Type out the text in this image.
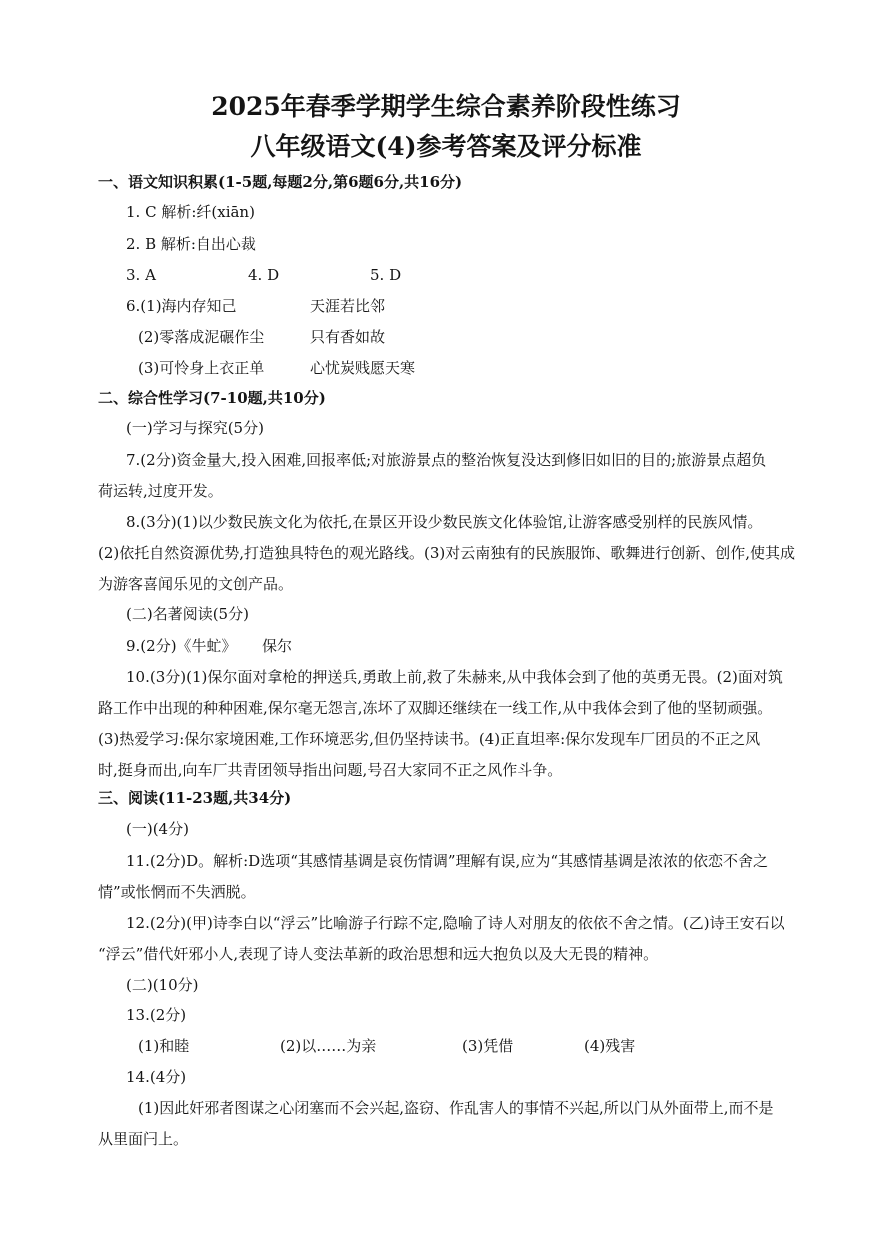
2025年春季学期学生综合素养阶段性练习
八年级语文(4)参考答案及评分标准
一、语文知识积累(1-5题,每题2分,第6题6分,共16分)
1. C 解析:纤(xiān)
2. B 解析:自出心裁
3. A	4. D	5. D
6.(1)海内存知己	天涯若比邻
(2)零落成泥碾作尘	只有香如故
(3)可怜身上衣正单	心忧炭贱愿天寒
二、综合性学习(7-10题,共10分)
(一)学习与探究(5分)
7.(2分)资金量大,投入困难,回报率低;对旅游景点的整治恢复没达到修旧如旧的目的;旅游景点超负
荷运转,过度开发。
8.(3分)(1)以少数民族文化为依托,在景区开设少数民族文化体验馆,让游客感受别样的民族风情。
(2)依托自然资源优势,打造独具特色的观光路线。(3)对云南独有的民族服饰、歌舞进行创新、创作,使其成
为游客喜闻乐见的文创产品。
(二)名著阅读(5分)
9.(2分)《牛虻》 保尔
10.(3分)(1)保尔面对拿枪的押送兵,勇敢上前,救了朱赫来,从中我体会到了他的英勇无畏。(2)面对筑
路工作中出现的种种困难,保尔毫无怨言,冻坏了双脚还继续在一线工作,从中我体会到了他的坚韧顽强。
(3)热爱学习:保尔家境困难,工作环境恶劣,但仍坚持读书。(4)正直坦率:保尔发现车厂团员的不正之风
时,挺身而出,向车厂共青团领导指出问题,号召大家同不正之风作斗争。
三、阅读(11-23题,共34分)
(一)(4分)
11.(2分)D。解析:D选项“其感情基调是哀伤情调”理解有误,应为“其感情基调是浓浓的依恋不舍之
情”或怅惘而不失洒脱。
12.(2分)(甲)诗李白以“浮云”比喻游子行踪不定,隐喻了诗人对朋友的依依不舍之情。(乙)诗王安石以
“浮云”借代奸邪小人,表现了诗人变法革新的政治思想和远大抱负以及大无畏的精神。
(二)(10分)
13.(2分)
(1)和睦	(2)以……为亲	(3)凭借	(4)残害
14.(4分)
(1)因此奸邪者图谋之心闭塞而不会兴起,盗窃、作乱害人的事情不兴起,所以门从外面带上,而不是
从里面闩上。
